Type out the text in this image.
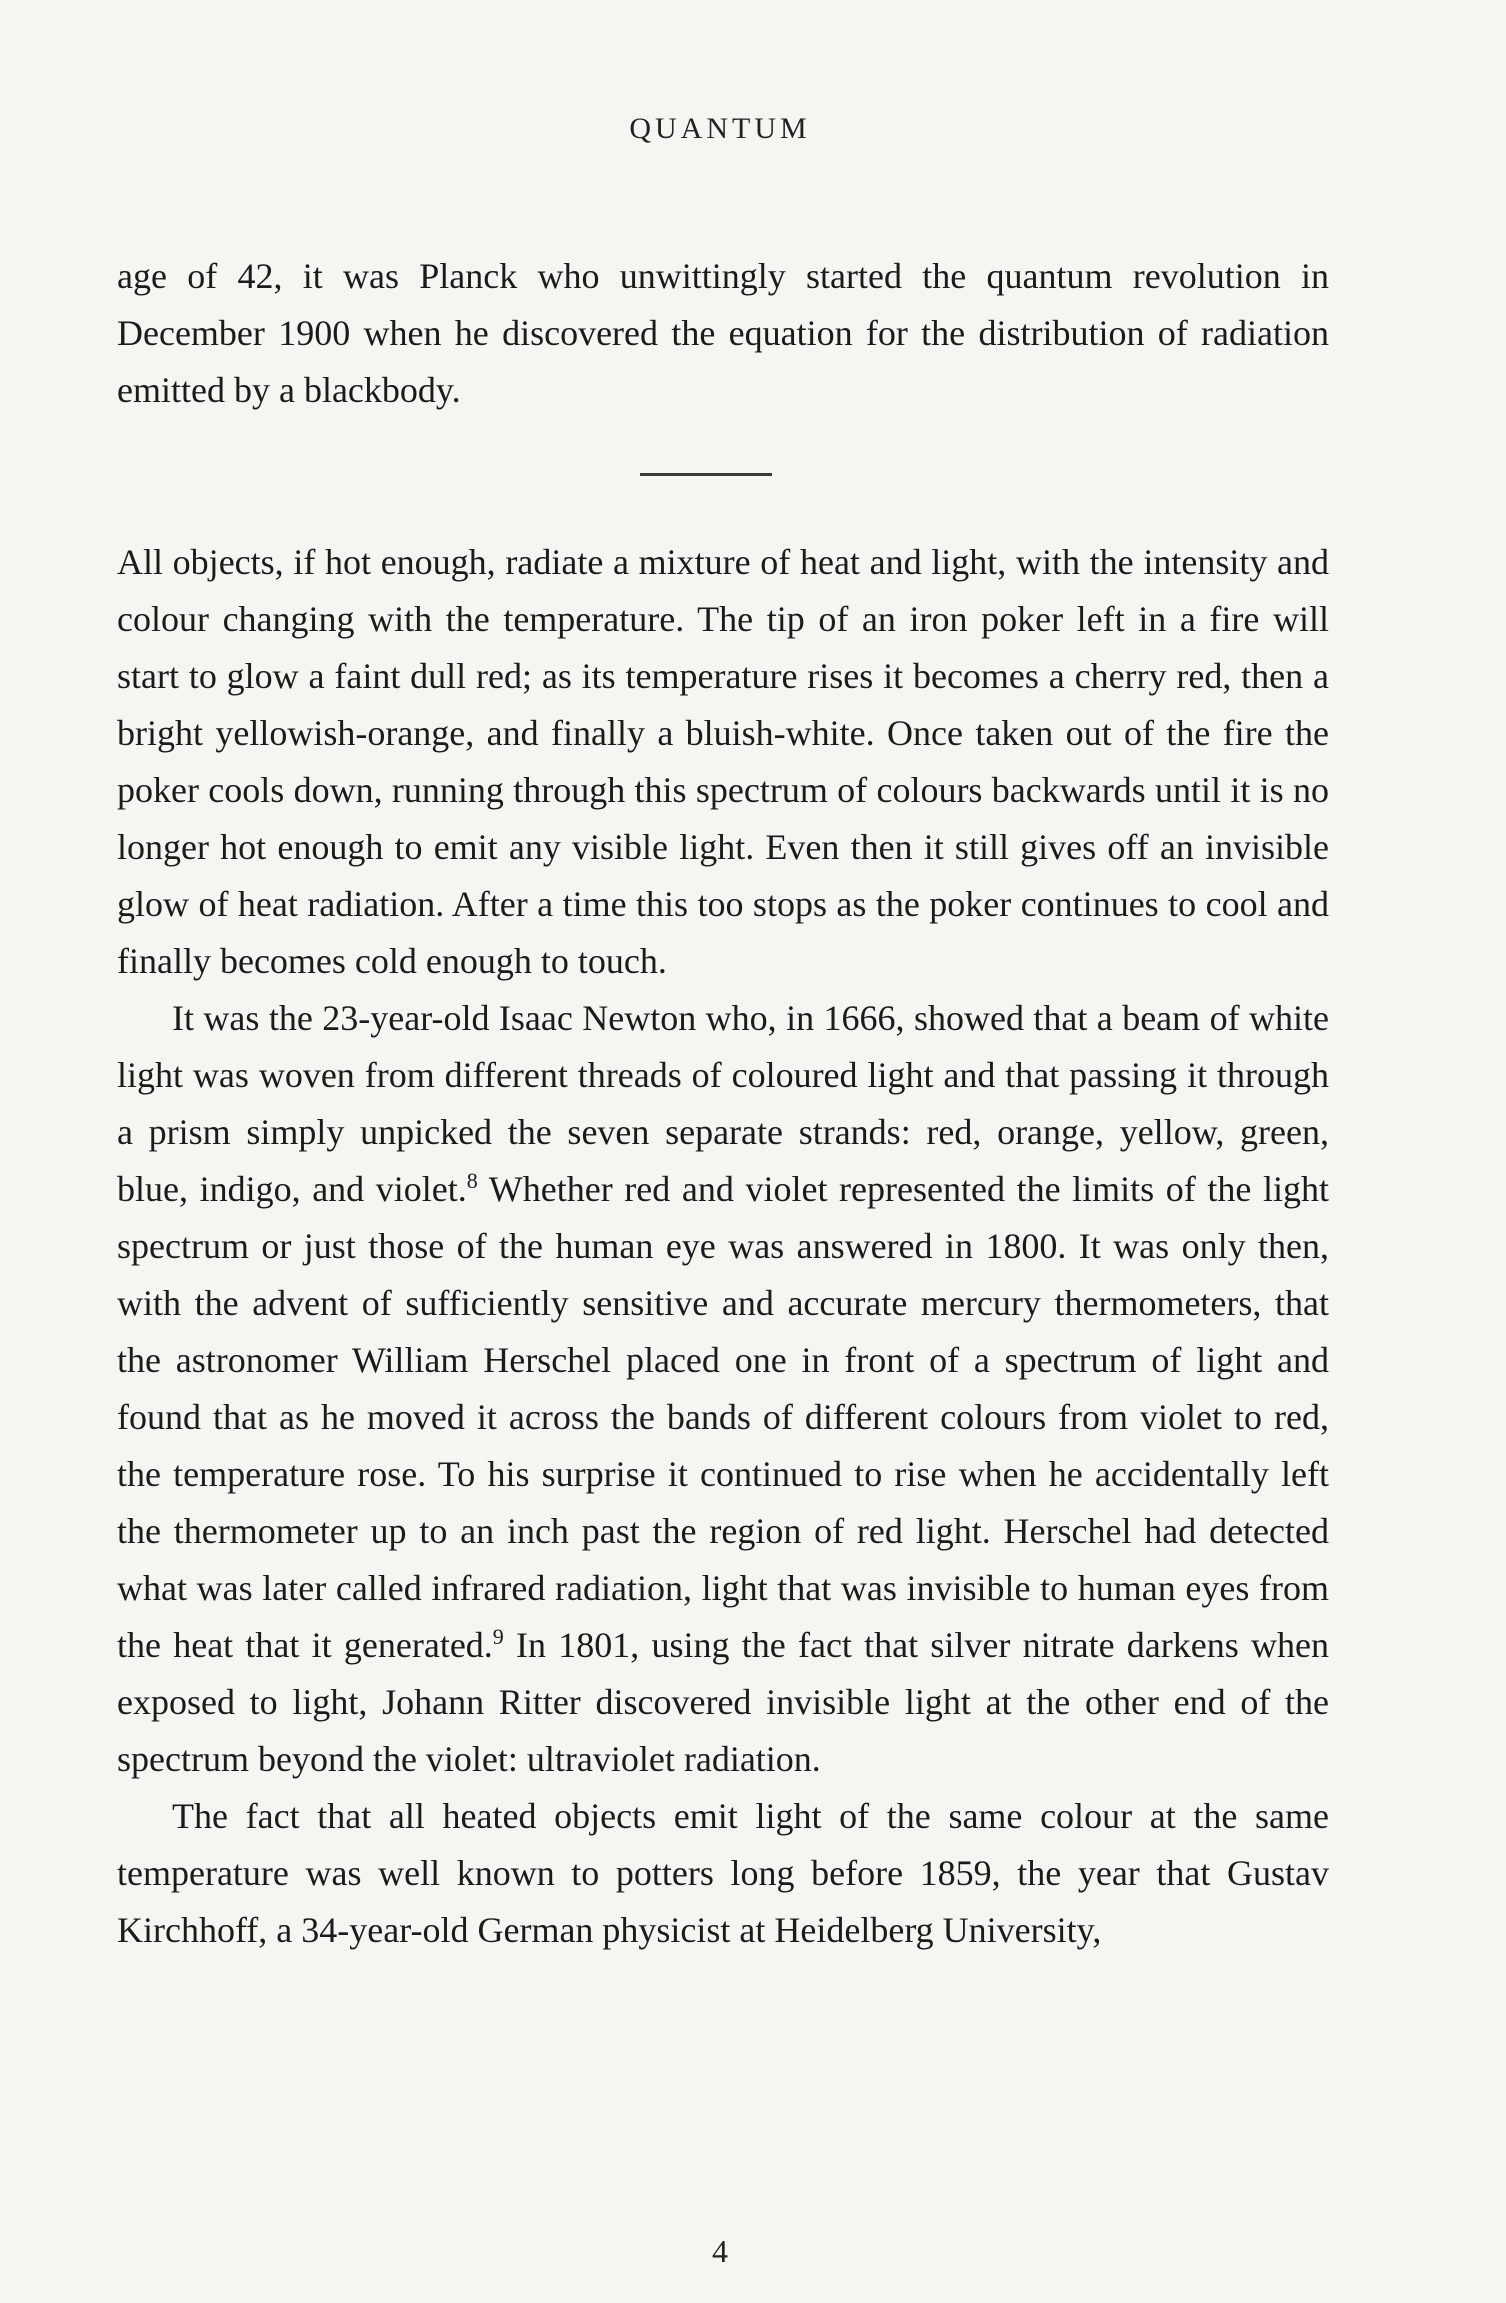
QUANTUM

age of 42, it was Planck who unwittingly started the quantum revolution in December 1900 when he discovered the equation for the distribution of radiation emitted by a blackbody.

All objects, if hot enough, radiate a mixture of heat and light, with the intensity and colour changing with the temperature. The tip of an iron poker left in a fire will start to glow a faint dull red; as its temperature rises it becomes a cherry red, then a bright yellowish-orange, and finally a bluish-white. Once taken out of the fire the poker cools down, running through this spectrum of colours backwards until it is no longer hot enough to emit any visible light. Even then it still gives off an invisible glow of heat radiation. After a time this too stops as the poker continues to cool and finally becomes cold enough to touch.

It was the 23-year-old Isaac Newton who, in 1666, showed that a beam of white light was woven from different threads of coloured light and that passing it through a prism simply unpicked the seven separate strands: red, orange, yellow, green, blue, indigo, and violet.$^8$ Whether red and violet represented the limits of the light spectrum or just those of the human eye was answered in 1800. It was only then, with the advent of sufficiently sensitive and accurate mercury thermometers, that the astronomer William Herschel placed one in front of a spectrum of light and found that as he moved it across the bands of different colours from violet to red, the temperature rose. To his surprise it continued to rise when he accidentally left the thermometer up to an inch past the region of red light. Herschel had detected what was later called infrared radiation, light that was invisible to human eyes from the heat that it generated.$^9$ In 1801, using the fact that silver nitrate darkens when exposed to light, Johann Ritter discovered invisible light at the other end of the spectrum beyond the violet: ultraviolet radiation.

The fact that all heated objects emit light of the same colour at the same temperature was well known to potters long before 1859, the year that Gustav Kirchhoff, a 34-year-old German physicist at Heidelberg University,

4
